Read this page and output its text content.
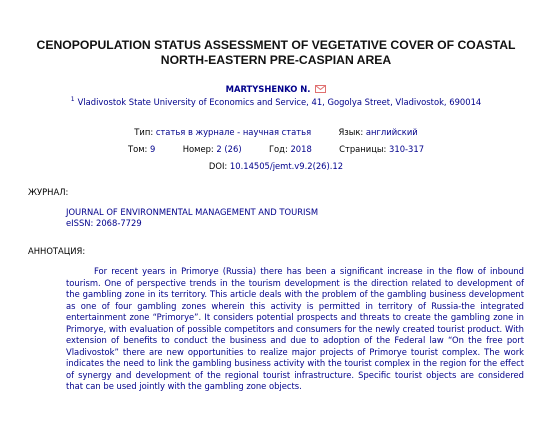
CENOPOPULATION STATUS ASSESSMENT OF VEGETATIVE COVER OF COASTAL
NORTH-EASTERN PRE-CASPIAN AREA
MARTYSHENKO N.
$^1$ Vladivostok State University of Economics and Service, 41, Gogolya Street, Vladivostok, 690014
Тип: статья в журнале - научная статья	Язык: английский
Том: 9	Номер: 2 (26)	Год: 2018	Страницы: 310-317
DOI: 10.14505/jemt.v9.2(26).12
ЖУРНАЛ:
JOURNAL OF ENVIRONMENTAL MANAGEMENT AND TOURISM
eISSN: 2068-7729
АННОТАЦИЯ:
For recent years in Primorye (Russia) there has been a significant increase in the flow of inbound tourism. One of perspective trends in the tourism development is the direction related to development of the gambling zone in its territory. This article deals with the problem of the gambling business development as one of four gambling zones wherein this activity is permitted in territory of Russia-the integrated entertainment zone “Primorye”. It considers potential prospects and threats to create the gambling zone in Primorye, with evaluation of possible competitors and consumers for the newly created tourist product. With extension of benefits to conduct the business and due to adoption of the Federal law “On the free port Vladivostok” there are new opportunities to realize major projects of Primorye tourist complex. The work indicates the need to link the gambling business activity with the tourist complex in the region for the effect of synergy and development of the regional tourist infrastructure. Specific tourist objects are considered that can be used jointly with the gambling zone objects.
